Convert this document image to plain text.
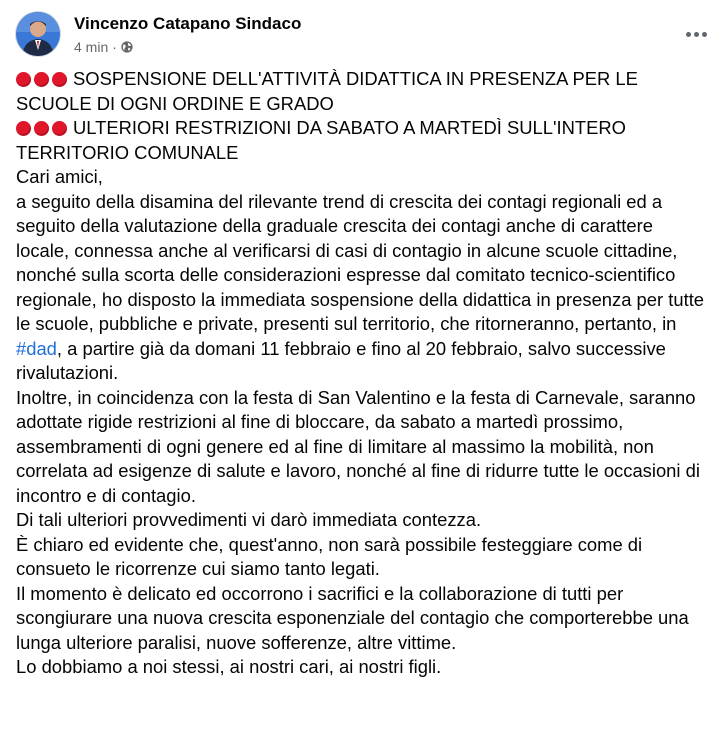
Vincenzo Catapano Sindaco
4 min ·

SOSPENSIONE DELL'ATTIVITÀ DIDATTICA IN PRESENZA PER LE SCUOLE DI OGNI ORDINE E GRADO

ULTERIORI RESTRIZIONI DA SABATO A MARTEDÌ SULL'INTERO TERRITORIO COMUNALE

Cari amici,
a seguito della disamina del rilevante trend di crescita dei contagi regionali ed a seguito della valutazione della graduale crescita dei contagi anche di carattere locale, connessa anche al verificarsi di casi di contagio in alcune scuole cittadine, nonché sulla scorta delle considerazioni espresse dal comitato tecnico-scientifico regionale, ho disposto la immediata sospensione della didattica in presenza per tutte le scuole, pubbliche e private, presenti sul territorio, che ritorneranno, pertanto, in #dad, a partire già da domani 11 febbraio e fino al 20 febbraio, salvo successive rivalutazioni.

Inoltre, in coincidenza con la festa di San Valentino e la festa di Carnevale, saranno adottate rigide restrizioni al fine di bloccare, da sabato a martedì prossimo, assembramenti di ogni genere ed al fine di limitare al massimo la mobilità, non correlata ad esigenze di salute e lavoro, nonché al fine di ridurre tutte le occasioni di incontro e di contagio.

Di tali ulteriori provvedimenti vi darò immediata contezza.

È chiaro ed evidente che, quest'anno, non sarà possibile festeggiare come di consueto le ricorrenze cui siamo tanto legati.

Il momento è delicato ed occorrono i sacrifici e la collaborazione di tutti per scongiurare una nuova crescita esponenziale del contagio che comporterebbe una lunga ulteriore paralisi, nuove sofferenze, altre vittime.

Lo dobbiamo a noi stessi, ai nostri cari, ai nostri figli.
